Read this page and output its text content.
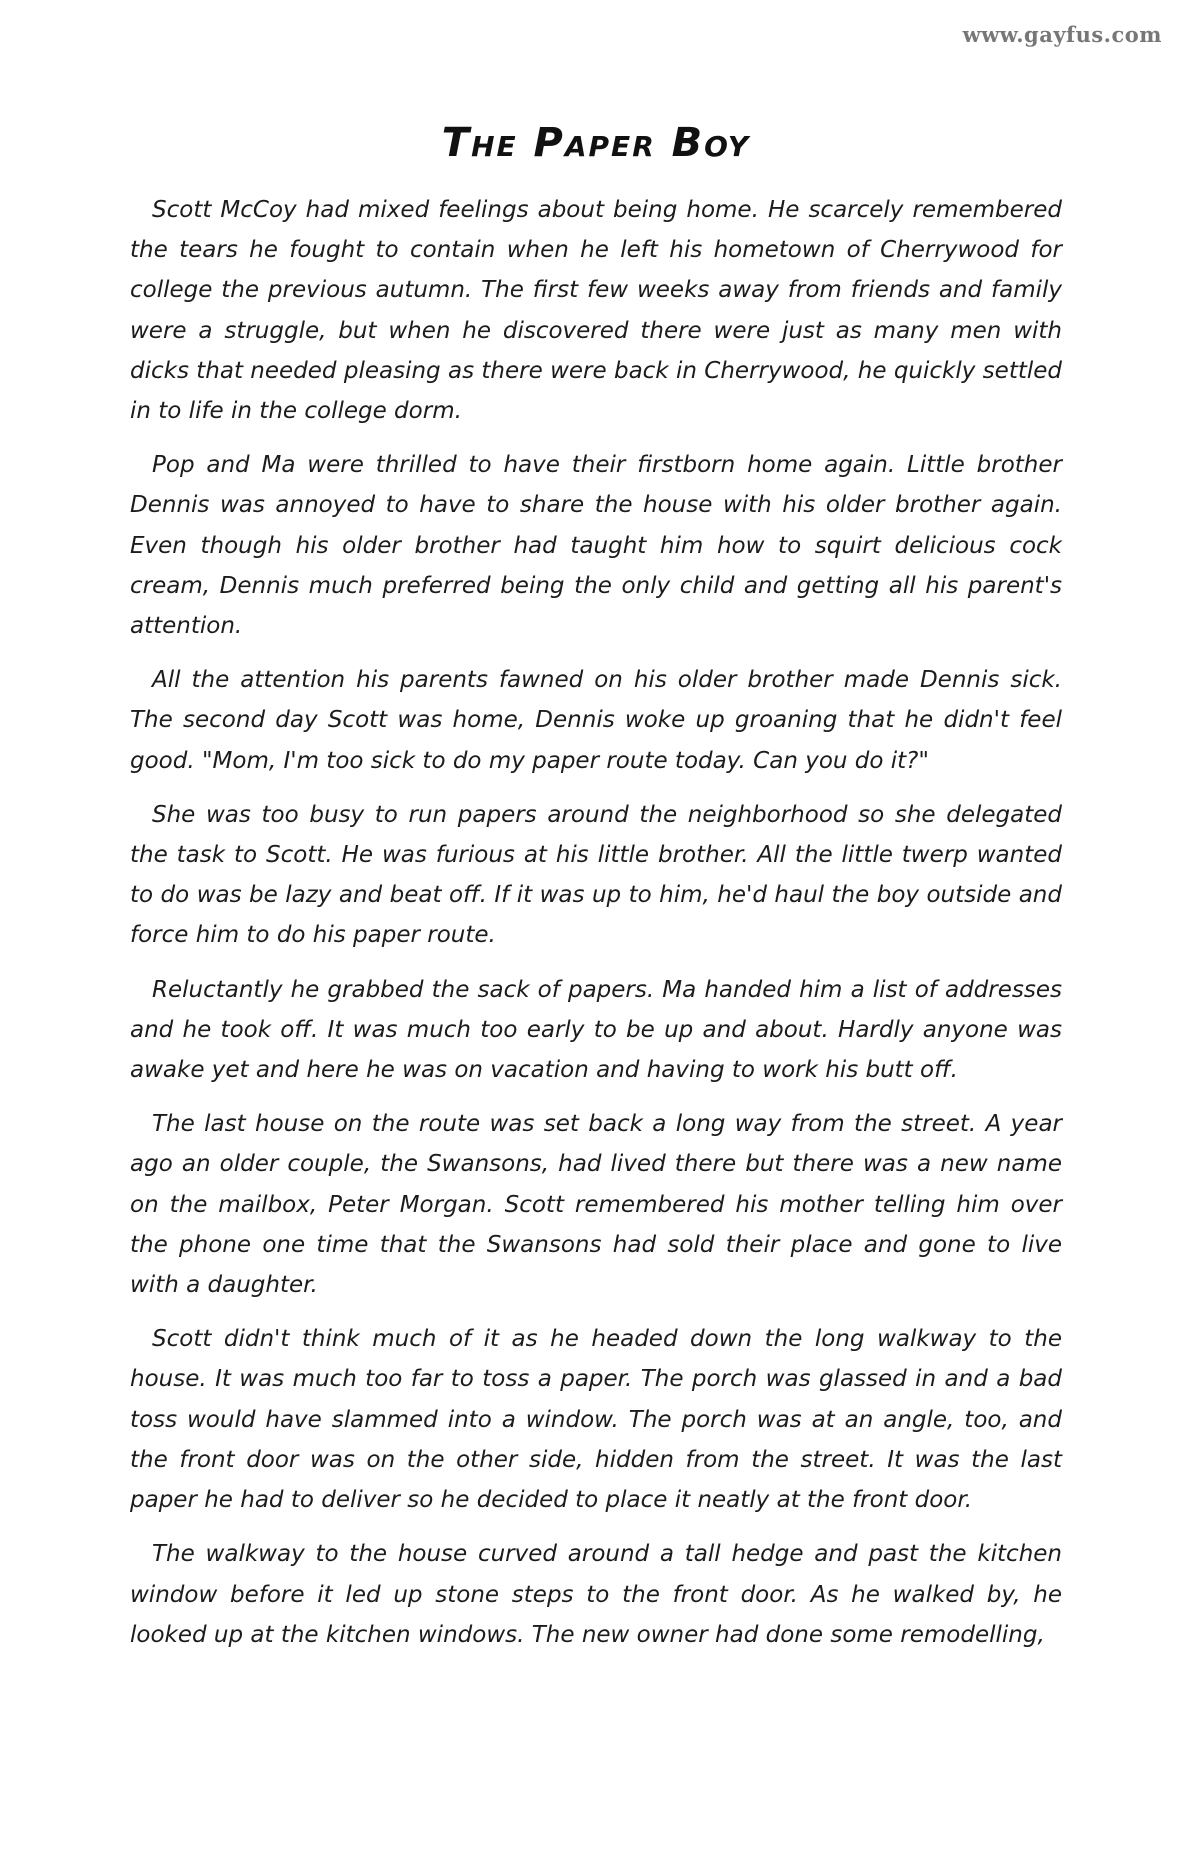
www.gayfus.com
The Paper Boy

Scott McCoy had mixed feelings about being home. He scarcely remembered the tears he fought to contain when he left his hometown of Cherrywood for college the previous autumn. The first few weeks away from friends and family were a struggle, but when he discovered there were just as many men with dicks that needed pleasing as there were back in Cherrywood, he quickly settled in to life in the college dorm.

Pop and Ma were thrilled to have their firstborn home again. Little brother Dennis was annoyed to have to share the house with his older brother again. Even though his older brother had taught him how to squirt delicious cock cream, Dennis much preferred being the only child and getting all his parent's attention.

All the attention his parents fawned on his older brother made Dennis sick. The second day Scott was home, Dennis woke up groaning that he didn't feel good. "Mom, I'm too sick to do my paper route today. Can you do it?"

She was too busy to run papers around the neighborhood so she delegated the task to Scott. He was furious at his little brother. All the little twerp wanted to do was be lazy and beat off. If it was up to him, he'd haul the boy outside and force him to do his paper route.

Reluctantly he grabbed the sack of papers. Ma handed him a list of addresses and he took off. It was much too early to be up and about. Hardly anyone was awake yet and here he was on vacation and having to work his butt off.

The last house on the route was set back a long way from the street. A year ago an older couple, the Swansons, had lived there but there was a new name on the mailbox, Peter Morgan. Scott remembered his mother telling him over the phone one time that the Swansons had sold their place and gone to live with a daughter.

Scott didn't think much of it as he headed down the long walkway to the house. It was much too far to toss a paper. The porch was glassed in and a bad toss would have slammed into a window. The porch was at an angle, too, and the front door was on the other side, hidden from the street. It was the last paper he had to deliver so he decided to place it neatly at the front door.

The walkway to the house curved around a tall hedge and past the kitchen window before it led up stone steps to the front door. As he walked by, he looked up at the kitchen windows. The new owner had done some remodelling,
